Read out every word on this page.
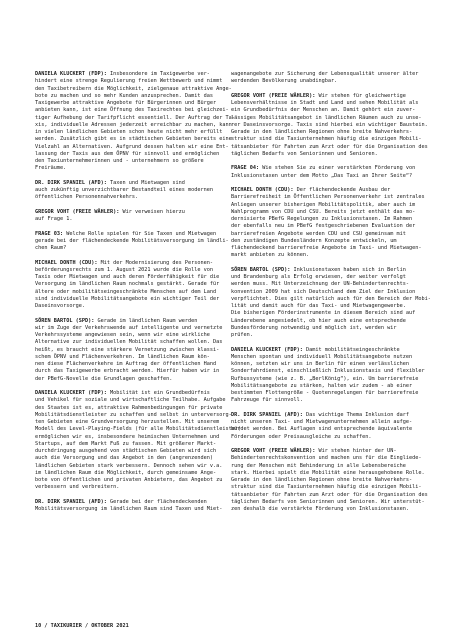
DANIELA KLUCKERT (FDP): Insbesondere im Taxigewerbe ver-
hindert eine strenge Regulierung freien Wettbewerb und nimmt
den Taxibetreibern die Möglichkeit, zielgenaue attraktive Ange-
bote zu machen und so mehr Kunden anzusprechen. Damit das
Taxigewerbe attraktive Angebote für Bürgerinnen und Bürger
anbieten kann, ist eine Öffnung des Taxirechtes bei gleichzei-
tiger Aufhebung der Tarifpflicht essentiell. Der Auftrag der Ta-
xis, individuelle Adressen jederzeit erreichbar zu machen, kann
in vielen ländlichen Gebieten schon heute nicht mehr erfüllt
werden. Zusätzlich gibt es in städtischen Gebieten bereits eine
Vielzahl an Alternativen. Aufgrund dessen halten wir eine Ent-
lassung der Taxis aus dem ÖPNV für sinnvoll und ermöglichen
den Taxiunternehmerinnen und - unternehmern so größere
Freiräume.
DR. DIRK SPANIEL (AFD): Taxen und Mietwagen sind
auch zukünftig unverzichtbarer Bestandteil eines modernen
öffentlichen Personennahverkehrs.
GREGOR VOHT (FREIE WÄHLER): Wir verweisen hierzu
auf Frage 1.
FRAGE 03: Welche Rolle spielen für Sie Taxen und Mietwagen
gerade bei der flächendeckende Mobilitätsversorgung im ländli-
chen Raum?
MICHAEL DONTH (CDU): Mit der Modernisierung des Personen-
beförderungsrechts zum 1. August 2021 wurde die Rolle von
Taxis oder Mietwagen und auch deren Förderfähigkeit für die
Versorgung im ländlichen Raum nochmals gestärkt. Gerade für
ältere oder mobilitätseingeschränkte Menschen auf dem Land
sind individuelle Mobilitätsangebote ein wichtiger Teil der
Daseinsvorsorge.
SÖREN BARTOL (SPD): Gerade im ländlichen Raum werden
wir im Zuge der Verkehrswende auf intelligente und vernetzte
Verkehrssysteme angewiesen sein, wenn wir eine wirkliche
Alternative zur individuellen Mobilität schaffen wollen. Das
heißt, es braucht eine stärkere Vernetzung zwischen klassi-
schem ÖPNV und Flächenverkehren. Im ländlichen Raum kön-
nen diese Flächenverkehre im Auftrag der öffentlichen Hand
durch das Taxigewerbe erbracht werden. Hierfür haben wir in
der PBefG-Novelle die Grundlagen geschaffen.
DANIELA KLUCKERT (FDP): Mobilität ist ein Grundbedürfnis
und Vehikel für soziale und wirtschaftliche Teilhabe. Aufgabe
des Staates ist es, attraktive Rahmenbedingungen für private
Mobilitätsdienstleister zu schaffen und selbst in unterversorg-
ten Gebieten eine Grundversorgung herzustellen. Mit unserem
Modell des Level-Playing-Fields (für alle Mobilitätsdienstleister)
ermöglichen wir es, insbesondere heimischen Unternehmen und
Startups, auf dem Markt Fuß zu fassen. Mit größerer Markt-
durchdringung ausgehend von städtischen Gebieten wird sich
auch die Versorgung und das Angebot in den (angrenzenden)
ländlichen Gebieten stark verbessern. Dennoch sehen wir v.a.
im ländlichen Raum die Möglichkeit, durch gemeinsame Ange-
bote von öffentlichen und privaten Anbietern, das Angebot zu
verbessern und verbreitern.
DR. DIRK SPANIEL (AFD): Gerade bei der flächendeckenden
Mobilitätsversorgung im ländlichen Raum sind Taxen und Miet-
wagenangebote zur Sicherung der Lebensqualität unserer älter
werdenden Bevölkerung unabdingbar.
GREGOR VOHT (FREIE WÄHLER): Wir stehen für gleichwertige
Lebensverhältnisse in Stadt und Land und sehen Mobilität als
ein Grundbedürfnis der Menschen an. Damit gehört ein zuver-
lässiges Mobilitätsangebot in ländlichen Räumen auch zu unse-
rer Daseinsvorsorge. Taxis sind hierbei ein wichtiger Baustein.
Gerade in den ländlichen Regionen ohne breite Nahverkehrs-
struktur sind die Taxiunternehmen häufig die einzigen Mobili-
tätsanbieter für Fahrten zum Arzt oder für die Organisation des
täglichen Bedarfs von Seniorinnen und Senioren.
FRAGE 04: Wie stehen Sie zu einer verstärkten Förderung von
Inklusionstaxen unter dem Motto „Das Taxi an Ihrer Seite“?
MICHAEL DONTH (CDU): Der flächendeckende Ausbau der
Barrierefreiheit im Öffentlichen Personenverkehr ist zentrales
Anliegen unserer bisherigen Mobilitätspolitik, aber auch im
Wahlprogramm von CDU und CSU. Bereits jetzt enthält das mo-
dernisierte PBefG Regelungen zu Inklusionstaxen. Im Rahmen
der ebenfalls neu im PBefG festgeschriebenen Evaluation der
barrierefreien Angebote werden CDU und CSU gemeinsam mit
den zuständigen Bundesländern Konzepte entwickeln, um
flächendeckend barrierefreie Angebote im Taxi- und Mietwagen-
markt anbieten zu können.
SÖREN BARTOL (SPD): Inklusionstaxen haben sich in Berlin
und Brandenburg als Erfolg erwiesen, der weiter verfolgt
werden muss. Mit Unterzeichnung der UN-Behindertenrechts-
konvention 2009 hat sich Deutschland dem Ziel der Inklusion
verpflichtet. Dies gilt natürlich auch für den Bereich der Mobi-
lität und damit auch für das Taxi- und Mietwagengewerbe.
Die bisherigen Förderinstrumente in diesem Bereich sind auf
Länderebene angesiedelt, ob hier auch eine entsprechende
Bundesförderung notwendig und möglich ist, werden wir
prüfen.
DANIELA KLUCKERT (FDP): Damit mobilitätseingeschränkte
Menschen spontan und individuell Mobilitätsangebote nutzen
können, setzten wir uns in Berlin für einen verlässlichen
Sonderfahrdienst, einschließlich Inklusionstaxis und flexibler
Rufbussysteme (wie z. B. „BerlKönig“), ein. Um barrierefreie
Mobilitätsangebote zu stärken, halten wir zudem - ab einer
bestimmten Flottengröße - Quotenregelungen für barrierefreie
Fahrzeuge für sinnvoll.
DR. DIRK SPANIEL (AFD): Das wichtige Thema Inklusion darf
nicht unseren Taxi- und Mietwagenunternehmen allein aufge-
bürdet werden. Bei Auflagen sind entsprechende äquivalente
Förderungen oder Preisausgleiche zu schaffen.
GREGOR VOHT (FREIE WÄHLER): Wir stehen hinter der UN-
Behindertenrechtskonvention und machen uns für die Eingliede-
rung der Menschen mit Behinderung in alle Lebensbereiche
stark. Hierbei spielt die Mobilität eine herausgehobene Rolle.
Gerade in den ländlichen Regionen ohne breite Nahverkehrs-
struktur sind die Taxiunternehmen häufig die einzigen Mobili-
tätsanbieter für Fahrten zum Arzt oder für die Organisation des
täglichen Bedarfs von Seniorinnen und Senioren. Wir unterstüt-
zen deshalb die verstärkte Förderung von Inklusionstaxen.
10 / TAXIKURIER / OKTOBER 2021
